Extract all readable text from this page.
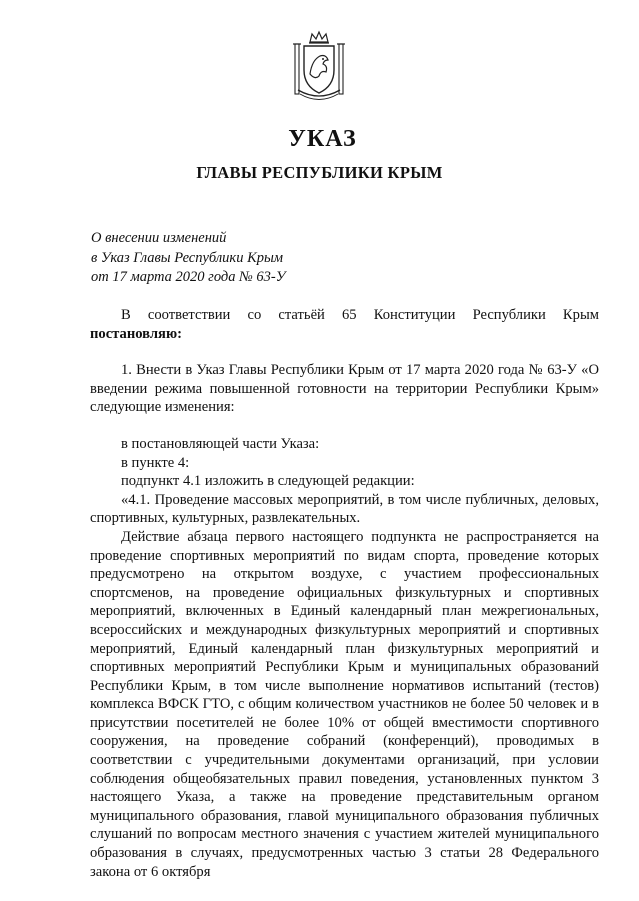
УКАЗ
ГЛАВЫ РЕСПУБЛИКИ КРЫМ
О внесении изменений
в Указ Главы Республики Крым
от 17 марта 2020 года № 63-У

В соответствии со статьёй 65 Конституции Республики Крым постановляю:

1. Внести в Указ Главы Республики Крым от 17 марта 2020 года № 63-У «О введении режима повышенной готовности на территории Республики Крым» следующие изменения:

в постановляющей части Указа:

в пункте 4:

подпункт 4.1 изложить в следующей редакции:

«4.1. Проведение массовых мероприятий, в том числе публичных, деловых, спортивных, культурных, развлекательных.

Действие абзаца первого настоящего подпункта не распространяется на проведение спортивных мероприятий по видам спорта, проведение которых предусмотрено на открытом воздухе, с участием профессиональных спортсменов, на проведение официальных физкультурных и спортивных мероприятий, включенных в Единый календарный план межрегиональных, всероссийских и международных физкультурных мероприятий и спортивных мероприятий, Единый календарный план физкультурных мероприятий и спортивных мероприятий Республики Крым и муниципальных образований Республики Крым, в том числе выполнение нормативов испытаний (тестов) комплекса ВФСК ГТО, с общим количеством участников не более 50 человек и в присутствии посетителей не более 10% от общей вместимости спортивного сооружения, на проведение собраний (конференций), проводимых в соответствии с учредительными документами организаций, при условии соблюдения общеобязательных правил поведения, установленных пунктом 3 настоящего Указа, а также на проведение представительным органом муниципального образования, главой муниципального образования публичных слушаний по вопросам местного значения с участием жителей муниципального образования в случаях, предусмотренных частью 3 статьи 28 Федерального закона от 6 октября
